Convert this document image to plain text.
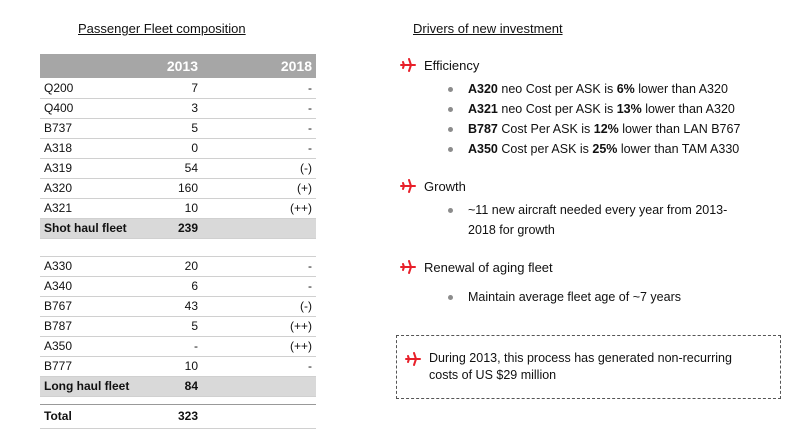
Passenger Fleet composition
	2013	2018
Q200	7	-
Q400	3	-
B737	5	-
A318	0	-
A319	54	(-)
A320	160	(+)
A321	10	(++)
Shot haul fleet	239	

A330	20	-
A340	6	-
B767	43	(-)
B787	5	(++)
A350	-	(++)
B777	10	-
Long haul fleet	84	

Total	323	
Drivers of new investment
Efficiency
A320 neo Cost per ASK is 6% lower than A320
A321 neo Cost per ASK is 13% lower than A320
B787 Cost Per ASK is 12% lower than LAN B767
A350 Cost per ASK is 25% lower than TAM A330
Growth
~11 new aircraft needed every year from 2013-
2018 for growth
Renewal of aging fleet
Maintain average fleet age of ~7 years
During 2013, this process has generated non-recurring
costs of US $29 million
